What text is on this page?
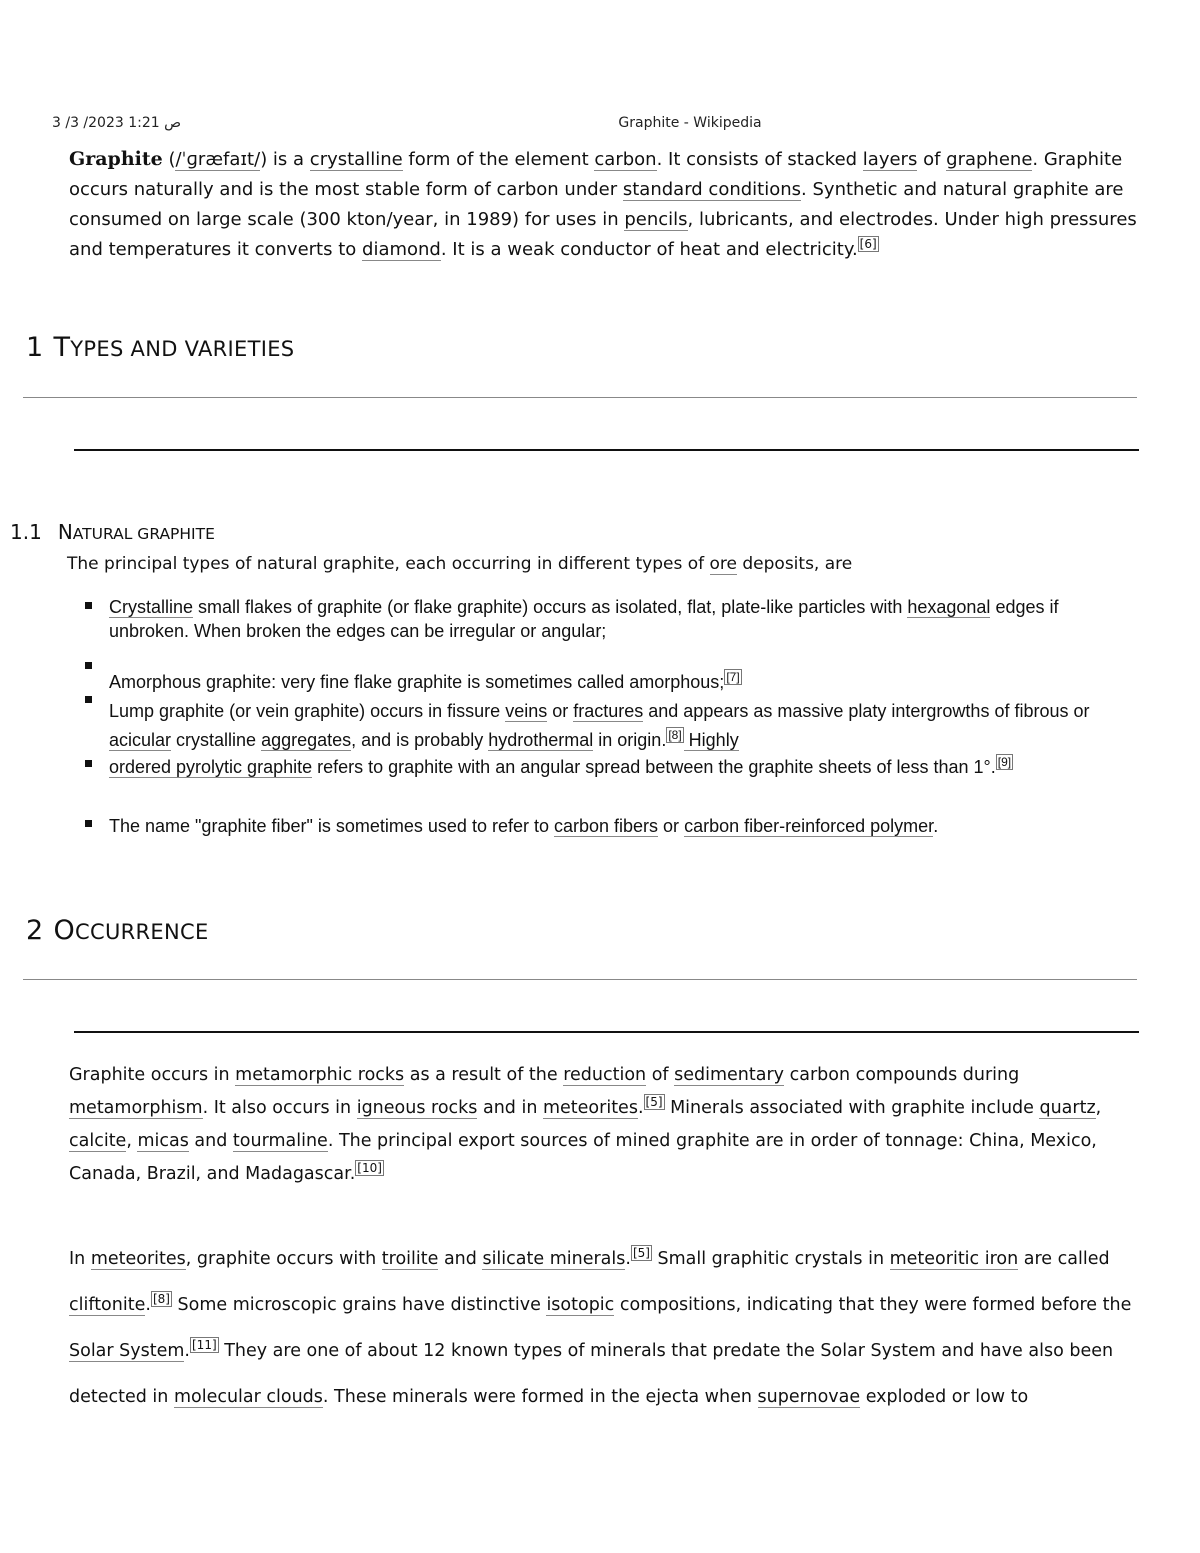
3 /3 /2023 1:21 ص	Graphite - Wikipedia

Graphite (/ˈɡræfaɪt/) is a crystalline form of the element carbon. It consists of stacked layers of graphene. Graphite occurs naturally and is the most stable form of carbon under standard conditions. Synthetic and natural graphite are consumed on large scale (300 kton/year, in 1989) for uses in pencils, lubricants, and electrodes. Under high pressures and temperatures it converts to diamond. It is a weak conductor of heat and electricity. [6]

1 TYPES AND VARIETIES
1.1 NATURAL GRAPHITE

The principal types of natural graphite, each occurring in different types of ore deposits, are

Crystalline small flakes of graphite (or flake graphite) occurs as isolated, flat, plate-like particles with hexagonal edges if unbroken. When broken the edges can be irregular or angular;

Amorphous graphite: very fine flake graphite is sometimes called amorphous; [7]

Lump graphite (or vein graphite) occurs in fissure veins or fractures and appears as massive platy intergrowths of fibrous or acicular crystalline aggregates, and is probably hydrothermal in origin. [8] Highly

ordered pyrolytic graphite refers to graphite with an angular spread between the graphite sheets of less than 1°. [9]

The name "graphite fiber" is sometimes used to refer to carbon fibers or carbon fiber-reinforced polymer.

2 OCCURRENCE

Graphite occurs in metamorphic rocks as a result of the reduction of sedimentary carbon compounds during metamorphism. It also occurs in igneous rocks and in meteorites. [5] Minerals associated with graphite include quartz, calcite, micas and tourmaline. The principal export sources of mined graphite are in order of tonnage: China, Mexico, Canada, Brazil, and Madagascar. [10]

In meteorites, graphite occurs with troilite and silicate minerals. [5] Small graphitic crystals in meteoritic iron are called cliftonite. [8] Some microscopic grains have distinctive isotopic compositions, indicating that they were formed before the Solar System. [11] They are one of about 12 known types of minerals that predate the Solar System and have also been detected in molecular clouds. These minerals were formed in the ejecta when supernovae exploded or low to
